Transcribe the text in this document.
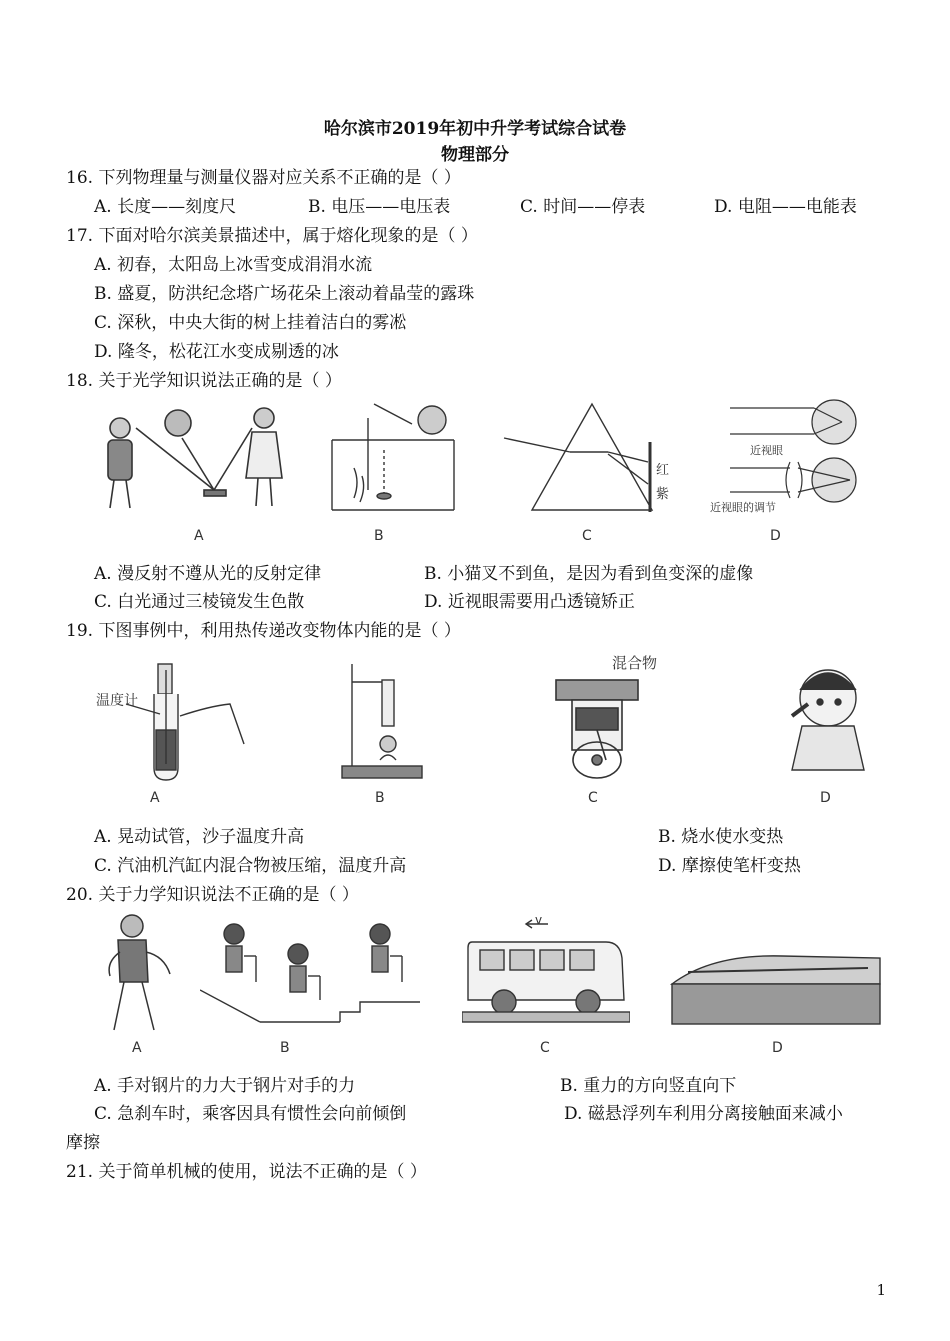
哈尔滨市2019年初中升学考试综合试卷
物理部分
16. 下列物理量与测量仪器对应关系不正确的是（ ）
A. 长度——刻度尺	B. 电压——电压表	C. 时间——停表	D. 电阻——电能表
17. 下面对哈尔滨美景描述中，属于熔化现象的是（ ）
A. 初春，太阳岛上冰雪变成涓涓水流
B. 盛夏，防洪纪念塔广场花朵上滚动着晶莹的露珠
C. 深秋，中央大街的树上挂着洁白的雾凇
D. 隆冬，松花江水变成剔透的冰
18. 关于光学知识说法正确的是（ ）
A	B
红
紫
C
近视眼
近视眼的调节
D
A. 漫反射不遵从光的反射定律	B. 小猫叉不到鱼，是因为看到鱼变深的虚像
C. 白光通过三棱镜发生色散	D. 近视眼需要用凸透镜矫正
19. 下图事例中，利用热传递改变物体内能的是（ ）
温度计
A	B
混合物
C	D
A. 晃动试管，沙子温度升高	B. 烧水使水变热
C. 汽油机汽缸内混合物被压缩，温度升高	D. 摩擦使笔杆变热
20. 关于力学知识说法不正确的是（ ）
A	B
v
C	D
A. 手对钢片的力大于钢片对手的力	B. 重力的方向竖直向下
C. 急刹车时，乘客因具有惯性会向前倾倒	D. 磁悬浮列车利用分离接触面来减小
摩擦
21. 关于简单机械的使用，说法不正确的是（ ）
1
